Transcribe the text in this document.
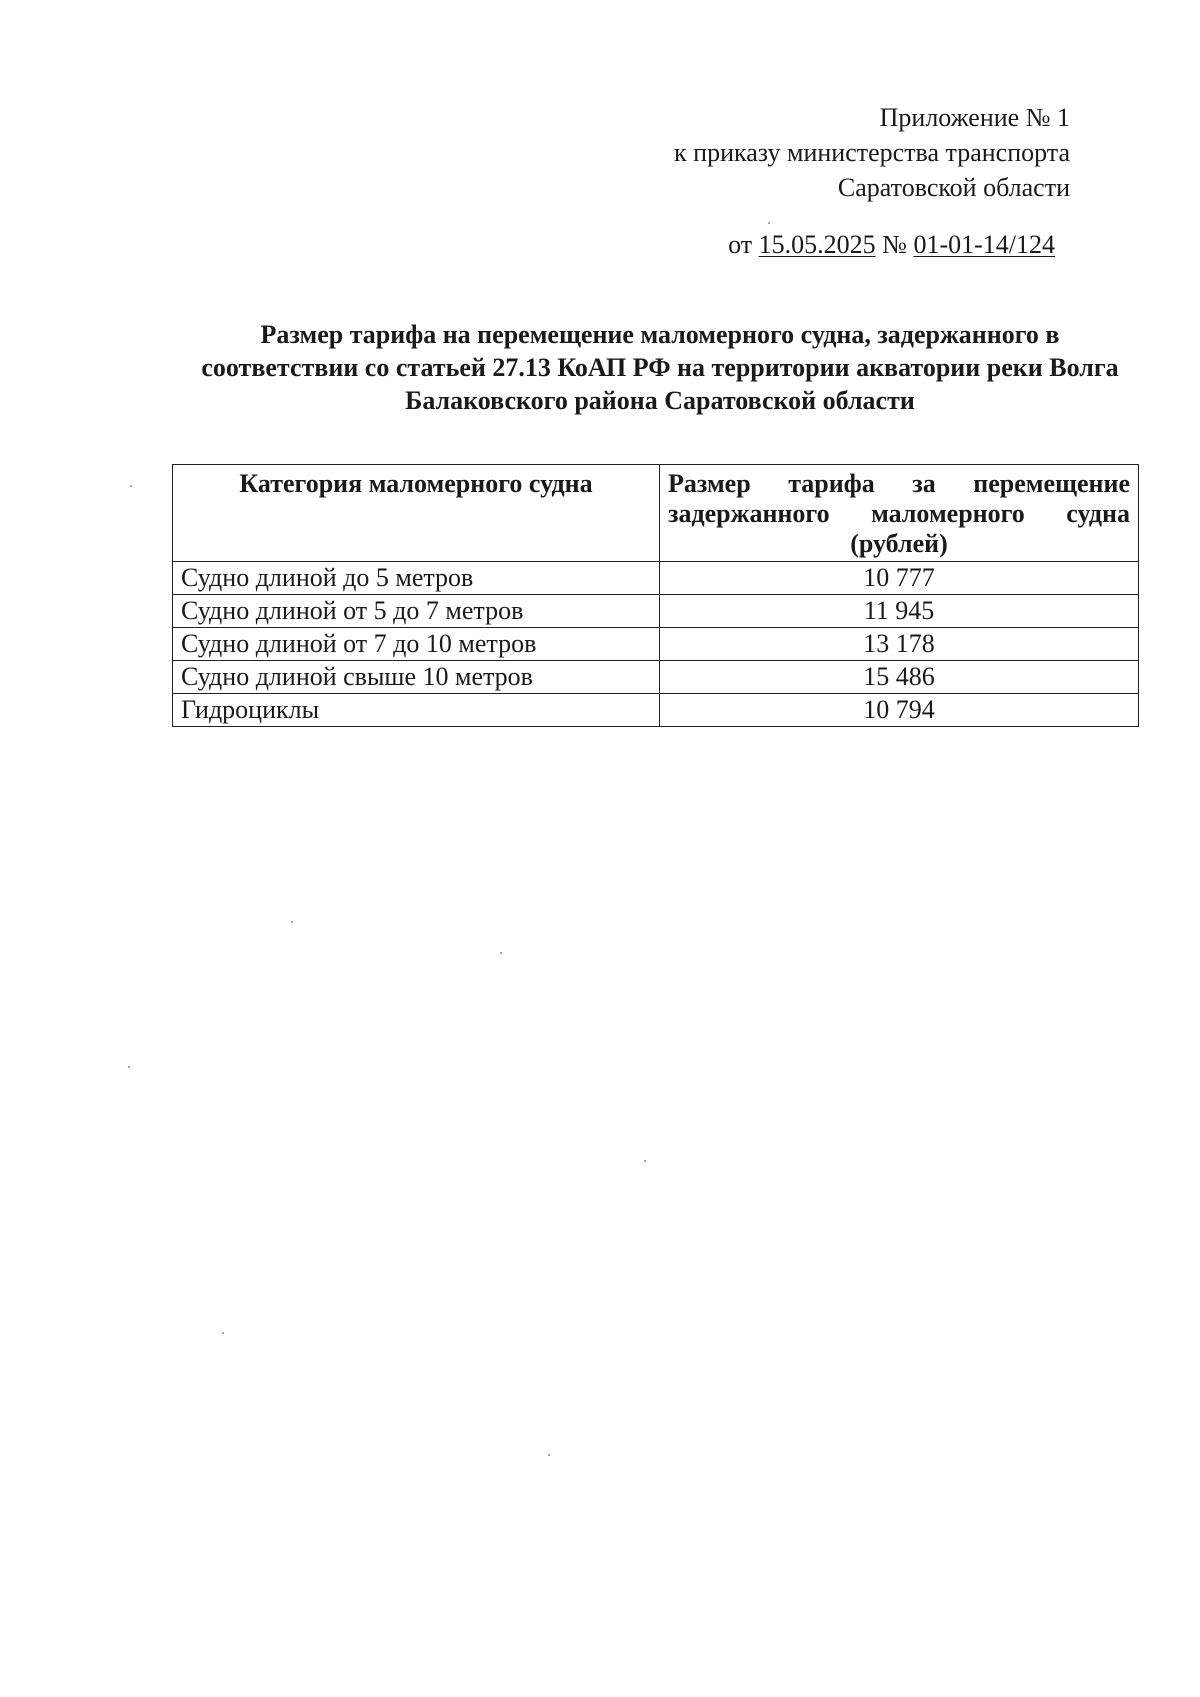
Приложение № 1
к приказу министерства транспорта
Саратовской области
от 15.05.2025 № 01-01-14/124
Размер тарифа на перемещение маломерного судна, задержанного в соответствии со статьей 27.13 КоАП РФ на территории акватории реки Волга Балаковского района Саратовской области
Категория маломерного судна	Размер тарифа за перемещение задержанного маломерного судна (рублей)
Судно длиной до 5 метров	10 777
Судно длиной от 5 до 7 метров	11 945
Судно длиной от 7 до 10 метров	13 178
Судно длиной свыше 10 метров	15 486
Гидроциклы	10 794
